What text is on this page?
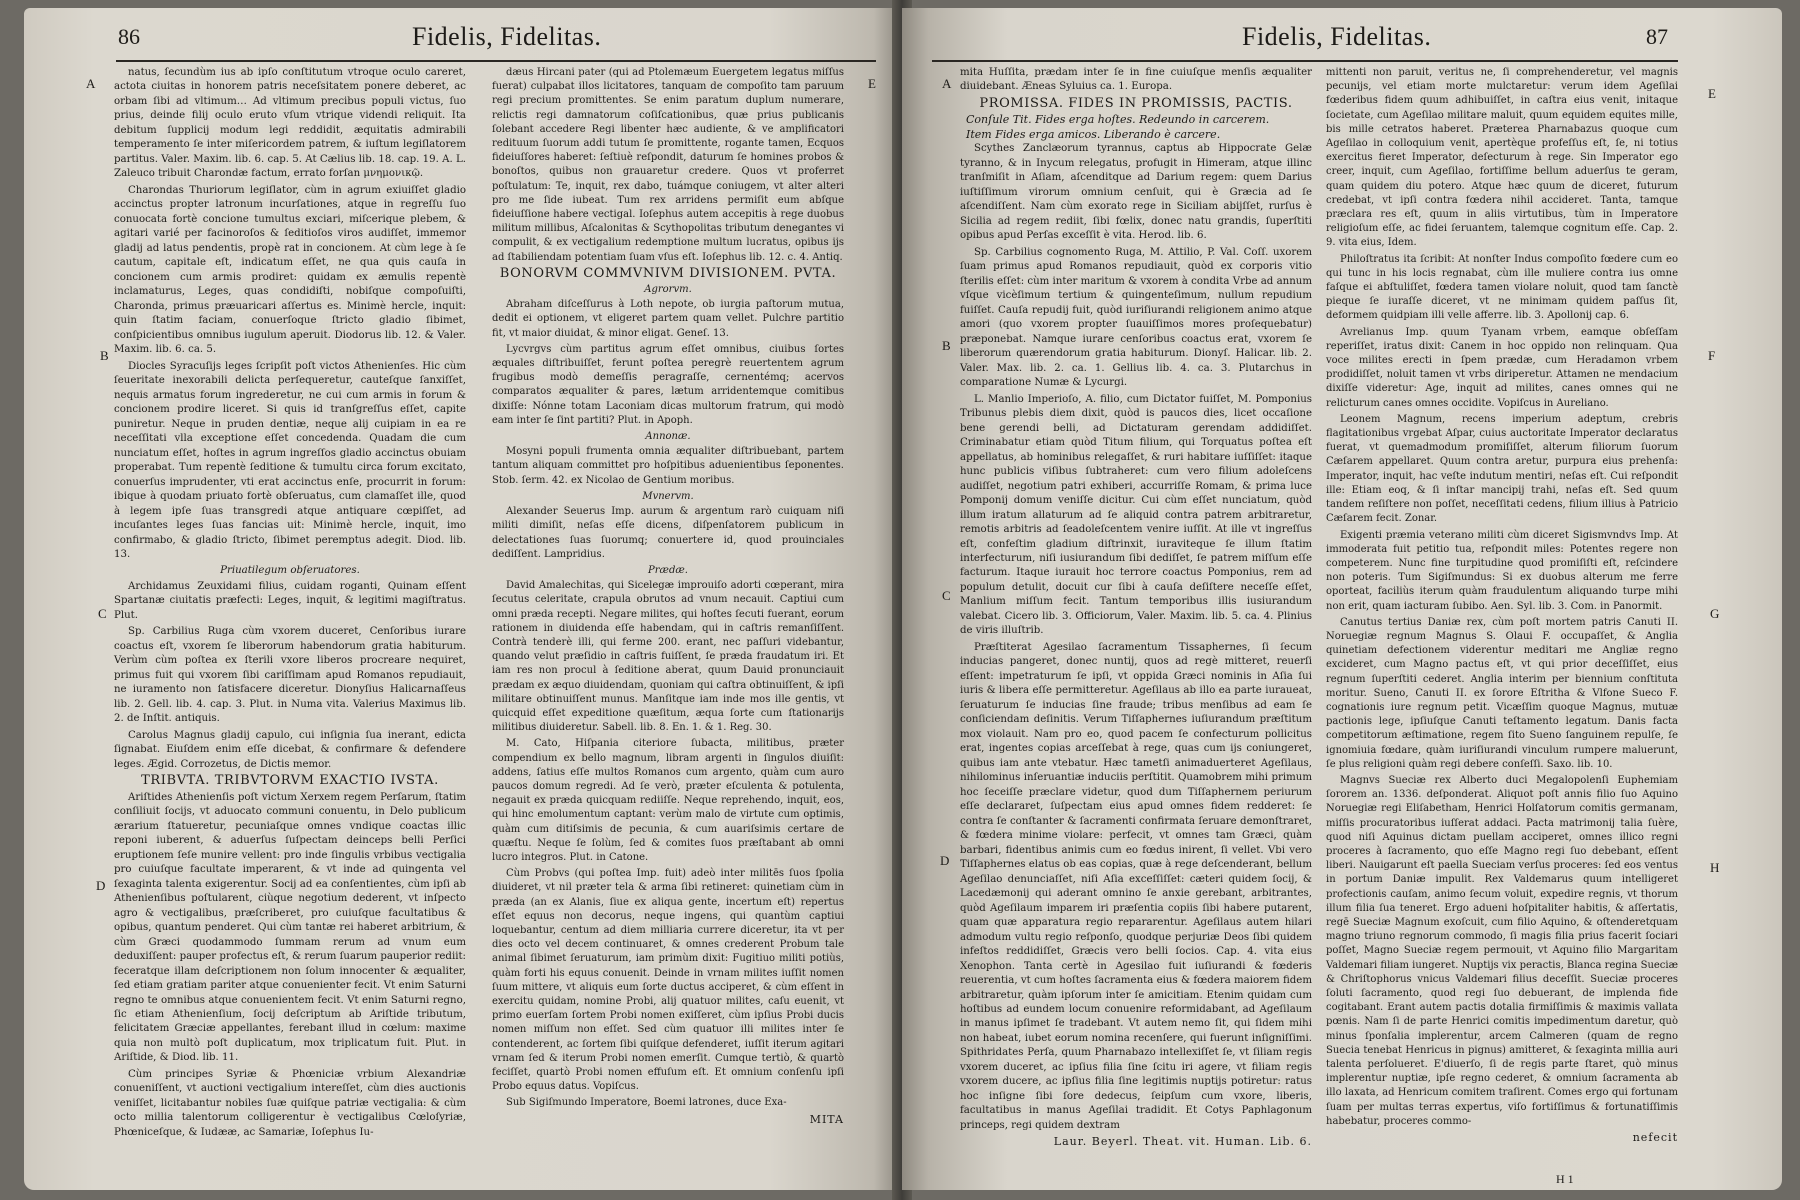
86	Fidelis, Fidelitas.
A
B
C
D
E

natus, ſecundùm ius ab ipſo conſtitutum vtroque oculo careret, actota ciuitas in honorem patris neceſsitatem ponere deberet, ac orbam ſibi ad vltimum… Ad vltimum precibus populi victus, ſuo prius, deinde filij oculo eruto vſum vtrique videndi reliquit. Ita debitum ſupplicij modum legi reddidit, æquitatis admirabili temperamento ſe inter miſericordem patrem, & iuſtum legiſlatorem partitus. Valer. Maxim. lib. 6. cap. 5. At Cælius lib. 18. cap. 19. A. L. Zaleuco tribuit Charondæ factum, errato forſan μνημονικῷ.

Charondas Thuriorum legiſlator, cùm in agrum exiuiſſet gladio accinctus propter latronum incurſationes, atque in regreſſu ſuo conuocata fortè concione tumultus exciari, miſcerique plebem, & agitari varié per facinoroſos & ſeditioſos viros audiſſet, immemor gladij ad latus pendentis, propè rat in concionem. At cùm lege à ſe cautum, capitale eſt, indicatum eſſet, ne qua quis cauſa in concionem cum armis prodiret: quidam ex æmulis repentè inclamaturus, Leges, quas condidiſti, nobiſque compoſuiſti, Charonda, primus præuaricari aſſertus es. Minimè hercle, inquit: quin ſtatim faciam, conuerſoque ſtricto gladio ſibimet, conſpicientibus omnibus iugulum aperuit. Diodorus lib. 12. & Valer. Maxim. lib. 6. ca. 5.

Diocles Syracuſijs leges ſcripſit poſt victos Athenienſes. Hic cùm ſeueritate inexorabili delicta perſequeretur, cauteſque ſanxiſſet, nequis armatus forum ingrederetur, ne cui cum armis in forum & concionem prodire liceret. Si quis id tranſgreſſus eſſet, capite puniretur. Neque in pruden dentiæ, neque alij cuipiam in ea re neceſſitati vlla exceptione eſſet concedenda. Quadam die cum nunciatum eſſet, hoſtes in agrum ingreſſos gladio accinctus obuiam properabat. Tum repentè ſeditione & tumultu circa forum excitato, conuerſus imprudenter, vti erat accinctus enſe, procurrit in forum: ibique à quodam priuato fortè obſeruatus, cum clamaſſet ille, quod à legem ipſe ſuas transgredi atque antiquare cœpiſſet, ad incuſantes leges ſuas fancias uit: Minimè hercle, inquit, imo confirmabo, & gladio ſtricto, ſibimet peremptus adegit. Diod. lib. 13.

Priuatilegum obſeruatores.

Archidamus Zeuxidami filius, cuidam roganti, Quinam eſſent Spartanæ ciuitatis præfecti: Leges, inquit, & legitimi magiſtratus. Plut.

Sp. Carbilius Ruga cùm vxorem duceret, Cenſoribus iurare coactus eſt, vxorem ſe liberorum habendorum gratia habiturum. Verùm cùm poſtea ex ſterili vxore liberos procreare nequiret, primus fuit qui vxorem ſibi cariſſimam apud Romanos repudiauit, ne iuramento non ſatisfacere diceretur. Dionyſius Halicarnaſſeus lib. 2. Gell. lib. 4. cap. 3. Plut. in Numa vita. Valerius Maximus lib. 2. de Inſtit. antiquis.

Carolus Magnus gladij capulo, cui inſignia ſua inerant, edicta ſignabat. Eiuſdem enim eſſe dicebat, & confirmare & defendere leges. Ægid. Corrozetus, de Dictis memor.

TRIBVTA. TRIBVTORVM EXACTIO IVSTA.

Ariſtides Athenienſis poſt victum Xerxem regem Perſarum, ſtatim conſiliuit ſocijs, vt aduocato communi conuentu, in Delo publicum ærarium ſtatueretur, pecuniaſque omnes vndique coactas illic reponi iuberent, & aduerſus ſuſpectam deinceps belli Perſici eruptionem ſeſe munire vellent: pro inde ſingulis vrbibus vectigalia pro cuiuſque facultate imperarent, & vt inde ad quingenta vel ſexaginta talenta exigerentur. Socij ad ea conſentientes, cùm ipſi ab Athenienſibus poſtularent, ciùque negotium dederent, vt inſpecto agro & vectigalibus, præſcriberet, pro cuiuſque facultatibus & opibus, quantum penderet. Qui cùm tantæ rei haberet arbitrium, & cùm Græci quodammodo ſummam rerum ad vnum eum deduxiſſent: pauper profectus eſt, & rerum ſuarum pauperior rediit: feceratque illam deſcriptionem non ſolum innocenter & æqualiter, ſed etiam gratiam pariter atque conuenienter fecit. Vt enim Saturni regno te omnibus atque conuenientem fecit. Vt enim Saturni regno, ſic etiam Athenienſium, ſocij deſcriptum ab Ariſtide tributum, felicitatem Græciæ appellantes, ferebant illud in cœlum: maxime quia non multò poſt duplicatum, mox triplicatum fuit. Plut. in Ariſtide, & Diod. lib. 11.

Cùm principes Syriæ & Phœniciæ vrbium Alexandriæ conueniſſent, vt auctioni vectigalium intereſſet, cùm dies auctionis veniſſet, licitabantur nobiles ſuæ quiſque patriæ vectigalia: & cùm octo millia talentorum colligerentur è vectigalibus Cœloſyriæ, Phœniceſque, & Iudææ, ac Samariæ, Ioſephus Iu-

dæus Hircani pater (qui ad Ptolemæum Euergetem legatus miſſus fuerat) culpabat illos licitatores, tanquam de compoſito tam paruum regi precium promittentes. Se enim paratum duplum numerare, relictis regi damnatorum coſiſcationibus, quæ prius publicanis ſolebant accedere Regi libenter hæc audiente, & ve amplificatori redituum ſuorum addi tutum ſe promittente, rogante tamen, Ecquos fideiuſſores haberet: ſeſtiuè reſpondit, daturum ſe homines probos & bonoſtos, quibus non grauaretur credere. Quos vt proferret poſtulatum: Te, inquit, rex dabo, tuámque coniugem, vt alter alteri pro me ſide iubeat. Tum rex arridens permiſit eum abſque fideiuſſione habere vectigal. Ioſephus autem accepitis à rege duobus militum millibus, Aſcalonitas & Scythopolitas tributum denegantes vi compulit, & ex vectigalium redemptione multum lucratus, opibus ijs ad ſtabiliendam potentiam ſuam vſus eſt. Ioſephus lib. 12. c. 4. Antiq.

BONORVM COMMVNIVM DIVISIONEM. PVTA.

Agrorvm.

Abraham diſceſſurus à Loth nepote, ob iurgia paſtorum mutua, dedit ei optionem, vt eligeret partem quam vellet. Pulchre partitio fit, vt maior diuidat, & minor eligat. Geneſ. 13.

Lycvrgvs cùm partitus agrum eſſet omnibus, ciuibus ſortes æquales diſtribuiſſet, ferunt poſtea peregrè reuertentem agrum frugibus modò demeſſis peragraſſe, cernentémq; acervos comparatos æqualiter & pares, lætum arridentemque comitibus dixiſſe: Nónne totam Laconiam dicas multorum fratrum, qui modò eam inter ſe ſint partiti? Plut. in Apoph.

Annonæ.

Mosyni populi frumenta omnia æqualiter diſtribuebant, partem tantum aliquam committet pro hoſpitibus aduenientibus ſeponentes. Stob. ſerm. 42. ex Nicolao de Gentium moribus.

Mvnervm.

Alexander Seuerus Imp. aurum & argentum rarò cuiquam niſi militi dimiſit, neſas eſſe dicens, diſpenſatorem publicum in delectationes ſuas ſuorumq; conuertere id, quod prouinciales dediſſent. Lampridius.

Prædæ.

David Amalechitas, qui Sicelegæ improuiſo adorti cœperant, mira ſecutus celeritate, crapula obrutos ad vnum necauit. Captiui cum omni præda recepti. Negare milites, qui hoſtes ſecuti fuerant, eorum rationem in diuidenda eſſe habendam, qui in caſtris remanſiſſent. Contrà tenderè illi, qui ferme 200. erant, nec paſſuri videbantur, quando velut præſidio in caſtris fuiſſent, ſe præda fraudatum iri. Et iam res non procul à ſeditione aberat, quum Dauid pronunciauit prædam ex æquo diuidendam, quoniam qui caſtra obtinuiſſent, & ipſi militare obtinuiſſent munus. Manſitque iam inde mos ille gentis, vt quicquid eſſet expeditione quæſitum, æqua ſorte cum ſtationarijs militibus diuideretur. Sabell. lib. 8. En. 1. & 1. Reg. 30.

M. Cato, Hiſpania citeriore ſubacta, militibus, præter compendium ex bello magnum, libram argenti in ſingulos diuiſit: addens, ſatius eſſe multos Romanos cum argento, quàm cum auro paucos domum regredi. Ad ſe verò, præter eſculenta & potulenta, negauit ex præda quicquam rediiſſe. Neque reprehendo, inquit, eos, qui hinc emolumentum captant: verùm malo de virtute cum optimis, quàm cum ditiſsimis de pecunia, & cum auariſsimis certare de quæſtu. Neque ſe ſolùm, ſed & comites ſuos præſtabant ab omni lucro integros. Plut. in Catone.

Cùm Probvs (qui poſtea Imp. fuit) adeò inter militēs ſuos ſpolia diuideret, vt nil præter tela & arma ſibi retineret: quinetiam cùm in præda (an ex Alanis, ſiue ex aliqua gente, incertum eſt) repertus eſſet equus non decorus, neque ingens, qui quantùm captiui loquebantur, centum ad diem milliaria currere diceretur, ita vt per dies octo vel decem continuaret, & omnes crederent Probum tale animal ſibimet ſeruaturum, iam primùm dixit: Fugitiuo militi potiùs, quàm forti his equus conuenit. Deinde in vrnam milites iuſſit nomen ſuum mittere, vt aliquis eum ſorte ductus acciperet, & cùm eſſent in exercitu quidam, nomine Probi, alij quatuor milites, caſu euenit, vt primo euerſam ſortem Probi nomen exiſſeret, cùm ipſius Probi ducis nomen miſſum non eſſet. Sed cùm quatuor illi milites inter ſe contenderent, ac ſortem ſibi quiſque defenderet, iuſſit iterum agitari vrnam ſed & iterum Probi nomen emerſit. Cumque tertiò, & quartò feciſſet, quartò Probi nomen effuſum eſt. Et omnium conſenſu ipſi Probo equus datus. Vopiſcus.

Sub Sigiſmundo Imperatore, Boemi latrones, duce Exa-

MITA

Fidelis, Fidelitas.	87
A
B
C
D
E
F
G
H

mita Huſſita, prædam inter ſe in fine cuiuſque menſis æqualiter diuidebant. Æneas Syluius ca. 1. Europa.

PROMISSA. FIDES IN PROMISSIS, PACTIS.

Conſule Tit. Fides erga hoſtes. Redeundo in carcerem.

Item Fides erga amicos. Liberando è carcere.

Scythes Zanclæorum tyrannus, captus ab Hippocrate Gelæ tyranno, & in Inycum relegatus, profugit in Himeram, atque illinc tranſmiſit in Aſiam, aſcenditque ad Darium regem: quem Darius iuſtiſſimum virorum omnium cenſuit, qui è Græcia ad ſe aſcendiſſent. Nam cùm exorato rege in Siciliam abijſſet, rurſus è Sicilia ad regem rediit, ſibi fœlix, donec natu grandis, ſuperſtiti opibus apud Perſas exceſſit è vita. Herod. lib. 6.

Sp. Carbilius cognomento Ruga, M. Attilio, P. Val. Coſſ. uxorem ſuam primus apud Romanos repudiauit, quòd ex corporis vitio ſterilis eſſet: cùm inter maritum & vxorem à condita Vrbe ad annum vſque vicèſimum tertium & quingenteſimum, nullum repudium fuiſſet. Cauſa repudij fuit, quòd iuriſiurandi religionem animo atque amori (quo vxorem propter ſuauiſſimos mores proſequebatur) præponebat. Namque iurare cenſoribus coactus erat, vxorem ſe liberorum quærendorum gratia habiturum. Dionyſ. Halicar. lib. 2. Valer. Max. lib. 2. ca. 1. Gellius lib. 4. ca. 3. Plutarchus in comparatione Numæ & Lycurgi.

L. Manlio Imperioſo, A. filio, cum Dictator fuiſſet, M. Pomponius Tribunus plebis diem dixit, quòd is paucos dies, licet occaſione bene gerendi belli, ad Dictaturam gerendam addidiſſet. Criminabatur etiam quòd Titum filium, qui Torquatus poſtea eſt appellatus, ab hominibus relegaſſet, & ruri habitare iuſſiſſet: itaque hunc publicis viſibus ſubtraheret: cum vero filium adoleſcens audiſſet, negotium patri exhiberi, accurriſſe Romam, & prima luce Pomponij domum veniſſe dicitur. Cui cùm eſſet nunciatum, quòd illum iratum allaturum ad ſe aliquid contra patrem arbitraretur, remotis arbitris ad ſeadoleſcentem venire iuſſit. At ille vt ingreſſus eſt, confeſtim gladium diſtrinxit, iuraviteque ſe illum ſtatim interfecturum, niſi iusiurandum ſibi dediſſet, ſe patrem miſſum eſſe facturum. Itaque iurauit hoc terrore coactus Pomponius, rem ad populum detulit, docuit cur ſibi à cauſa deſiſtere neceſſe eſſet, Manlium miſſum fecit. Tantum temporibus illis iusiurandum valebat. Cicero lib. 3. Officiorum, Valer. Maxim. lib. 5. ca. 4. Plinius de viris illuſtrib.

Præſtiterat Agesilao ſacramentum Tissaphernes, ſi ſecum inducias pangeret, donec nuntij, quos ad regè mitteret, reuerſi eſſent: impetraturum ſe ipſi, vt oppida Græci nominis in Aſia ſui iuris & libera eſſe permitteretur. Ageſilaus ab illo ea parte iuraueat, ſeruaturum ſe inducias ſine fraude; tribus menſibus ad eam ſe conſiciendam deſinitis. Verum Tiſſaphernes iuſiurandum præſtitum mox violauit. Nam pro eo, quod pacem ſe confecturum pollicitus erat, ingentes copias arceſſebat à rege, quas cum ijs coniungeret, quibus iam ante vtebatur. Hæc tametſi animaduerteret Ageſilaus, nihilominus inſeruantiæ induciis perſtitit. Quamobrem mihi primum hoc ſeceiſſe præclare videtur, quod dum Tiſſaphernem periurum eſſe declararet, ſuſpectam eius apud omnes fidem redderet: ſe contra ſe conſtanter & ſacramenti confirmata ſeruare demonſtraret, & fœdera minime violare: perfecit, vt omnes tam Græci, quàm barbari, fidentibus animis cum eo fœdus inirent, ſi vellet. Vbi vero Tiſſaphernes elatus ob eas copias, quæ à rege deſcenderant, bellum Ageſilao denunciaſſet, niſi Aſia exceſſiſſet: cæteri quidem ſocij, & Lacedæmonij qui aderant omnino ſe anxie gerebant, arbitrantes, quòd Ageſilaum imparem iri præſentia copiis ſibi habere putarent, quam quæ apparatura regio repararentur. Ageſilaus autem hilari admodum vultu regio reſponſo, quodque perjuriæ Deos ſibi quidem infeſtos reddidiſſet, Græcis vero belli ſocios. Cap. 4. vita eius Xenophon. Tanta certè in Agesilao fuit iuſiurandi & fœderis reuerentia, vt cum hoſtes ſacramenta eius & fœdera maiorem fidem arbitraretur, quàm ipſorum inter ſe amicitiam. Etenim quidam cum hoſtibus ad eundem locum conuenire reformidabant, ad Ageſilaum in manus ipſimet ſe tradebant. Vt autem nemo ſit, qui ſidem mihi non habeat, iubet eorum nomina recenſere, qui fuerunt inſigniſſimi. Spithridates Perſa, quum Pharnabazo intellexiſſet ſe, vt ſiliam regis vxorem duceret, ac ipſius filia ſine ſcitu iri agere, vt filiam regis vxorem ducere, ac ipſius filia ſine legitimis nuptijs potiretur: ratus hoc inſigne ſibi ſore dedecus, ſeipſum cum vxore, liberis, facultatibus in manus Ageſilai tradidit. Et Cotys Paphlagonum princeps, regi quidem dextram

Laur. Beyerl. Theat. vit. Human. Lib. 6.

mittenti non paruit, veritus ne, ſi comprehenderetur, vel magnis pecunijs, vel etiam morte mulctaretur: verum idem Ageſilai fœderibus fidem quum adhibuiſſet, in caſtra eius venit, initaque ſocietate, cum Ageſilao militare maluit, quum equidem equites mille, bis mille cetratos haberet. Præterea Pharnabazus quoque cum Ageſilao in colloquium venit, apertèque profeſſus eſt, ſe, ni totius exercitus fieret Imperator, deſecturum à rege. Sin Imperator ego creer, inquit, cum Ageſilao, fortiſſime bellum aduerſus te geram, quam quidem diu potero. Atque hæc quum de diceret, futurum credebat, vt ipſi contra fœdera nihil accideret. Tanta, tamque præclara res eſt, quum in aliis virtutibus, tùm in Imperatore religioſum eſſe, ac fidei ſeruantem, talemque cognitum eſſe. Cap. 2. 9. vita eius, Idem.

Philoſtratus ita ſcribit: At nonſter Indus compoſito fœdere cum eo qui tunc in his locis regnabat, cùm ille muliere contra ius omne faſque ei abſtuliſſet, fœdera tamen violare noluit, quod tam ſanctè pieque ſe iuraſſe diceret, vt ne minimam quidem paſſus ſit, deformem quidpiam illi velle afferre. lib. 3. Apollonij cap. 6.

Avrelianus Imp. quum Tyanam vrbem, eamque obſeſſam reperiſſet, iratus dixit: Canem in hoc oppido non relinquam. Qua voce milites erecti in ſpem prædæ, cum Heradamon vrbem prodidiſſet, noluit tamen vt vrbs diriperetur. Attamen ne mendacium dixiſſe videretur: Age, inquit ad milites, canes omnes qui ne relicturum canes omnes occidite. Vopiſcus in Aureliano.

Leonem Magnum, recens imperium adeptum, crebris flagitationibus vrgebat Aſpar, cuius auctoritate Imperator declaratus fuerat, vt quemadmodum promiſiſſet, alterum filiorum ſuorum Cæſarem appellaret. Quum contra aretur, purpura eius prehenſa: Imperator, inquit, hac veſte indutum mentiri, neſas eſt. Cui reſpondit ille: Etiam eoq, & ſi inſtar mancipij trahi, neſas eſt. Sed quum tandem reſiſtere non poſſet, neceſſitati cedens, filium illius à Patricio Cæſarem fecit. Zonar.

Exigenti præmia veterano militi cùm diceret Sigismvndvs Imp. At immoderata fuit petitio tua, reſpondit miles: Potentes regere non competerem. Nunc fine turpitudine quod promiſiſti eſt, reſcindere non poteris. Tum Sigiſmundus: Si ex duobus alterum me ferre oporteat, faciliùs iterum quàm fraudulentum aliquando turpe mihi non erit, quam iacturam ſubibo. Aen. Syl. lib. 3. Com. in Panormit.

Canutus tertius Daniæ rex, cùm poſt mortem patris Canuti II. Noruegiæ regnum Magnus S. Olaui F. occupaſſet, & Anglia quinetiam defectionem viderentur meditari me Angliæ regno excideret, cum Magno pactus eſt, vt qui prior deceſſiſſet, eius regnum ſuperſtiti cederet. Anglia interim per biennium conſtituta moritur. Sueno, Canuti II. ex ſorore Eſtritha & Vlfone Sueco F. cognationis iure regnum petit. Vicæſſim quoque Magnus, mutuæ pactionis lege, ipſiuſque Canuti teſtamento legatum. Danis facta competitorum æſtimatione, regem ſito Sueno ſanguinem repulſe, ſe ignomiuia fœdare, quàm iuriſiurandi vinculum rumpere maluerunt, ſe plus religioni quàm regi debere conſeſſi. Saxo. lib. 10.

Magnvs Sueciæ rex Alberto duci Megalopolenſi Euphemiam ſororem an. 1336. deſponderat. Aliquot poſt annis filio ſuo Aquino Noruegiæ regi Eliſabetham, Henrici Holſatorum comitis germanam, miſſis procuratoribus iuſſerat addaci. Pacta matrimonij talia ſuère, quod niſi Aquinus dictam puellam acciperet, omnes illico regni proceres à ſacramento, quo eſſe Magno regi ſuo debebant, eſſent liberi. Nauigarunt eſt paella Sueciam verſus proceres: ſed eos ventus in portum Daniæ impulit. Rex Valdemarus quum intelligeret profectionis cauſam, animo ſecum voluit, expedire regnis, vt thorum illum filia ſua teneret. Ergo adueni hoſpitaliter habitis, & aſſertatis, regē Sueciæ Magnum exoſcuit, cum filio Aquino, & oſtenderetquam magno triuno regnorum commodo, ſi magis filia prius facerit ſociari poſſet, Magno Sueciæ regem permouit, vt Aquino filio Margaritam Valdemari filiam iungeret. Nuptijs vix peractis, Blanca regina Sueciæ & Chriſtophorus vnicus Valdemari filius deceſſit. Sueciæ proceres ſoluti ſacramento, quod regi ſuo debuerant, de implenda fide cogitabant. Erant autem pactis dotalia firmiſſimis & maximis vallata pœnis. Nam ſi de parte Henrici comitis impedimentum daretur, quò minus ſponſalia implerentur, arcem Calmeren (quam de regno Suecia tenebat Henricus in pignus) amitteret, & ſexaginta millia auri talenta perſolueret. E'diuerſo, ſi de regis parte ſtaret, quò minus implerentur nuptiæ, ipſe regno cederet, & omnium ſacramenta ab illo laxata, ad Henricum comitem traſirent. Comes ergo qui fortunam ſuam per multas terras expertus, viſo fortiſſimus & fortunatiſſimis habebatur, proceres commo-

nefecit

H 1
